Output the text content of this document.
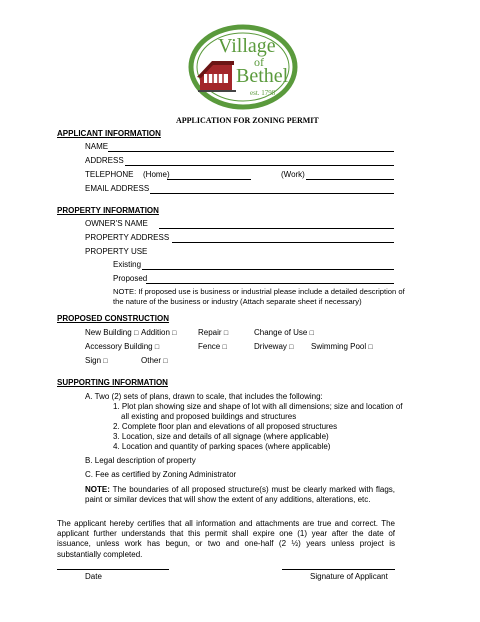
Village
of
Bethel
est. 1798
APPLICATION FOR ZONING PERMIT
APPLICANT INFORMATION
NAME
ADDRESS
TELEPHONE (Home)	(Work)
EMAIL ADDRESS
PROPERTY INFORMATION
OWNER'S NAME
PROPERTY ADDRESS
PROPERTY USE
Existing
Proposed
NOTE: If proposed use is business or industrial please include a detailed description of
the nature of the business or industry (Attach separate sheet if necessary)
PROPOSED CONSTRUCTION
New Building □ Addition □	Repair □	Change of Use □
Accessory Building □	Fence □	Driveway □ Swimming Pool □
Sign □	Other □
SUPPORTING INFORMATION
A. Two (2) sets of plans, drawn to scale, that includes the following:
1. Plot plan showing size and shape of lot with all dimensions; size and location of
all existing and proposed buildings and structures
2. Complete floor plan and elevations of all proposed structures
3. Location, size and details of all signage (where applicable)
4. Location and quantity of parking spaces (where applicable)
B. Legal description of property
C. Fee as certified by Zoning Administrator

NOTE: The boundaries of all proposed structure(s) must be clearly marked with flags, paint or similar devices that will show the extent of any additions, alterations, etc.

The applicant hereby certifies that all information and attachments are true and correct. The applicant further understands that this permit shall expire one (1) year after the date of issuance, unless work has begun, or two and one-half (2 ½) years unless project is substantially completed.

Date	Signature of Applicant
